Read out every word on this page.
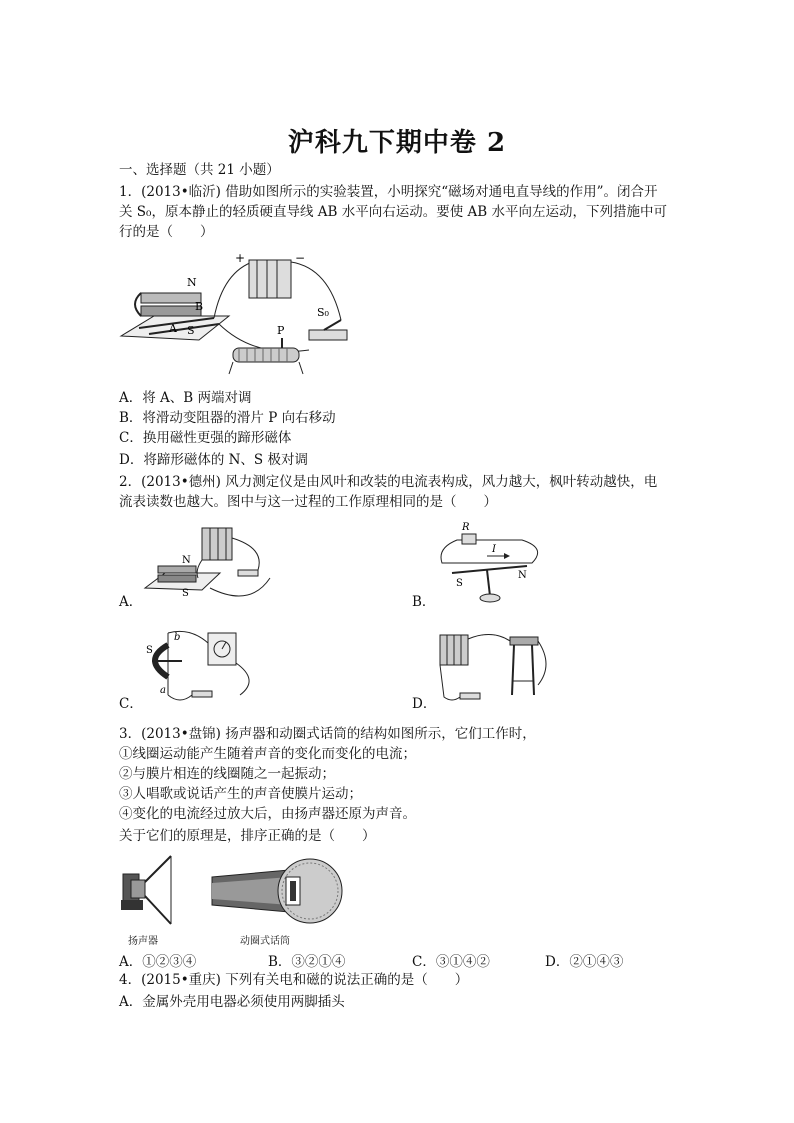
沪科九下期中卷 2
一、选择题（共 21 小题）
1．(2013•临沂) 借助如图所示的实验装置，小明探究“磁场对通电直导线的作用”。闭合开
关 S₀，原本静止的轻质硬直导线 AB 水平向右运动。要使 AB 水平向左运动，下列措施中可
行的是（　　）
N
B
A S	P
S₀
+	−
A．将 A、B 两端对调
B．将滑动变阻器的滑片 P 向右移动
C．换用磁性更强的蹄形磁体
D．将蹄形磁体的 N、S 极对调
2．(2013•德州) 风力测定仪是由风叶和改装的电流表构成，风力越大，枫叶转动越快，电
流表读数也越大。图中与这一过程的工作原理相同的是（　　）
A．
N
S
B．
R
I
S
N
C．
b
a
S
D．
3．(2013•盘锦) 扬声器和动圈式话筒的结构如图所示，它们工作时，
①线圈运动能产生随着声音的变化而变化的电流；
②与膜片相连的线圈随之一起振动；
③人唱歌或说话产生的声音使膜片运动；
④变化的电流经过放大后，由扬声器还原为声音。
关于它们的原理是，排序正确的是（　　）
扬声器	动圈式话筒
A．①②③④	B．③②①④	C．③①④②	D．②①④③
4．(2015•重庆) 下列有关电和磁的说法正确的是（　　）
A．金属外壳用电器必须使用两脚插头
